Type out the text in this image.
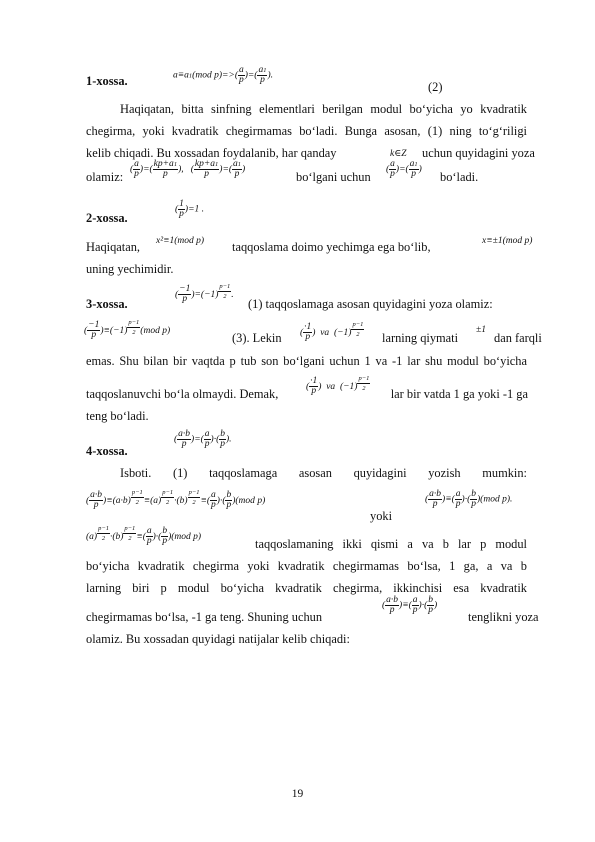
1-xossa.	a≡a1(mod $p)=>( \frac{a}{p}$ )=( $\frac{a1}{p}$ ).
(2)
Haqiqatan, bitta sinfning elementlari berilgan modul bo‘yicha yo kvadratik
chegirma, yoki kvadratik chegirmamas bo‘ladi. Bunga asosan, (1) ning to‘g‘riligi
kelib chiqadi. Bu xossadan foydalanib, har qanday	k∈Z uchun quyidagini yoza
olamiz:
( $\frac{a}{p}$ )=( $\frac{kp+a1}{p}$ ),   ( $\frac{kp+a1}{p}$ )=( $\frac{a1}{p}$ )
bo‘lgani uchun
( $\frac{a}{p}$ )=( $\frac{a1}{p}$ )
bo‘ladi.
2-xossa.
( $\frac{1}{p} )=1$ .
Haqiqatan,	x²≡1(mod p) taqqoslama doimo yechimga ega bo‘lib,	x≡±1(mod p)
uning yechimidir.
3-xossa.
( $\frac{-1}{p} )=(-1)$ $^{\frac{p-1}{2}}$ .
(1) taqqoslamaga asosan quyidagini yoza olamiz:
( $\frac{-1}{p} )\equiv(-1)$ $^{\frac{p-1}{2}}$ (mod p)	(3). Lekin	( $\frac{\cdot 1}{p}$ )  va  (−1) $^{\frac{p-1}{2}}$ larning qiymati
±1
dan farqli
emas. Shu bilan bir vaqtda p tub son bo‘lgani uchun 1 va -1 lar shu modul bo‘yicha
taqqoslanuvchi bo‘la olmaydi. Demak,	( $\frac{\cdot 1}{p}$ )  va  (−1) $^{\frac{p-1}{2}}$
lar bir vatda 1 ga yoki -1 ga
teng bo‘ladi.
4-xossa.
( $\frac{a\cdot b}{p}$ )=( $\frac{a}{p}$ )·( $\frac{b}{p}$ ).
Isboti. (1) taqqoslamaga asosan quyidagini yozish mumkin:
( $\frac{a\cdot b}{p} )\equiv(a\cdot b)$ $^{\frac{p-1}{2}}$ ≡(a) $^{\frac{p-1}{2}}$ ·(b) $^{\frac{p-1}{2}}$ ≡( $\frac{a}{p}$ )·( $\frac{b}{p} )(mod$ p)
yoki
( $\frac{a\cdot b}{p}$ )≡( $\frac{a}{p}$ )·( $\frac{b}{p} )(mod$ p).
(a) $^{\frac{p-1}{2}}$ ·(b) $^{\frac{p-1}{2}}$ ≡( $\frac{a}{p}$ )·( $\frac{b}{p} )(mod$ p)	taqqoslamaning ikki qismi a va b lar p modul
bo‘yicha kvadratik chegirma yoki kvadratik chegirmamas bo‘lsa, 1 ga, a va b
larning biri p modul bo‘yicha kvadratik chegirma, ikkinchisi esa kvadratik
chegirmamas bo‘lsa, -1 ga teng. Shuning uchun
( $\frac{a\cdot b}{p}$ )≡( $\frac{a}{p}$ )·( $\frac{b}{p}$ )
tenglikni yoza
olamiz. Bu xossadan quyidagi natijalar kelib chiqadi:
19
